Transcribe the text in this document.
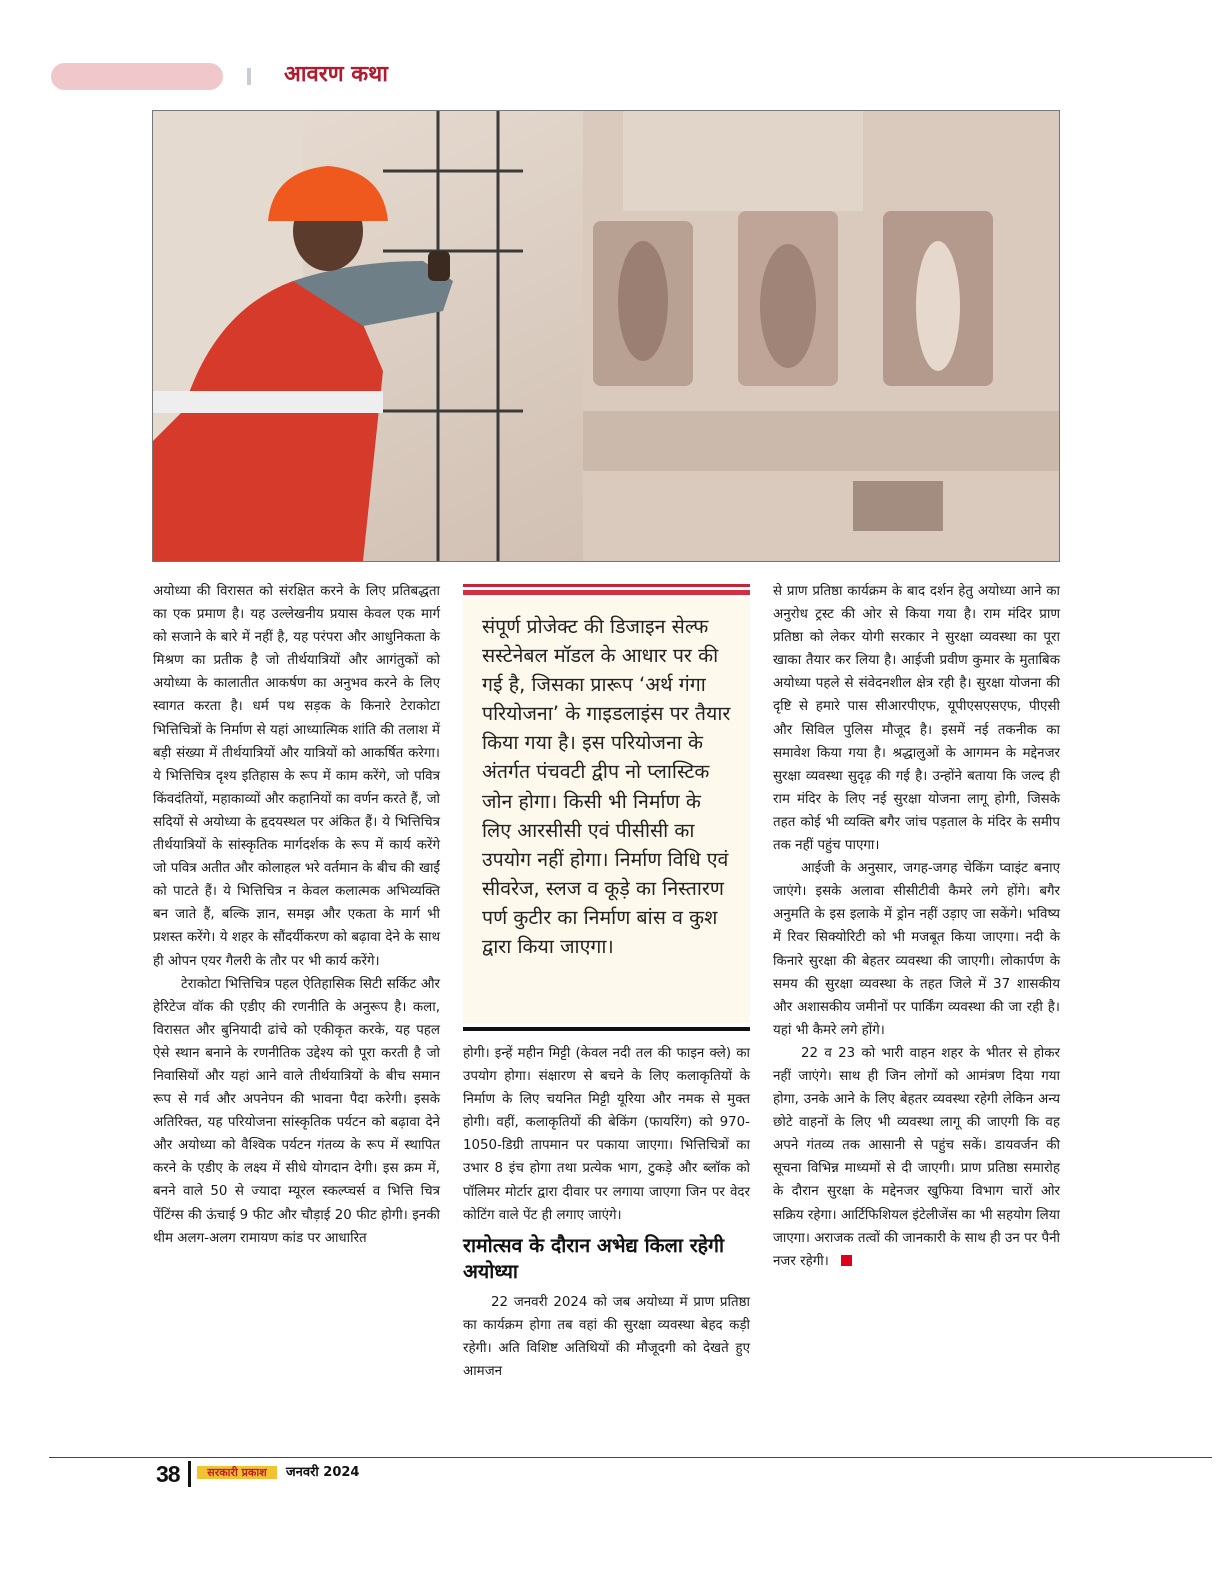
आवरण कथा

अयोध्या की विरासत को संरक्षित करने के लिए प्रतिबद्धता का एक प्रमाण है। यह उल्लेखनीय प्रयास केवल एक मार्ग को सजाने के बारे में नहीं है, यह परंपरा और आधुनिकता के मिश्रण का प्रतीक है जो तीर्थयात्रियों और आगंतुकों को अयोध्या के कालातीत आकर्षण का अनुभव करने के लिए स्वागत करता है। धर्म पथ सड़क के किनारे टेराकोटा भित्तिचित्रों के निर्माण से यहां आध्यात्मिक शांति की तलाश में बड़ी संख्या में तीर्थयात्रियों और यात्रियों को आकर्षित करेगा। ये भित्तिचित्र दृश्य इतिहास के रूप में काम करेंगे, जो पवित्र किंवदंतियों, महाकाव्यों और कहानियों का वर्णन करते हैं, जो सदियों से अयोध्या के हृदयस्थल पर अंकित हैं। ये भित्तिचित्र तीर्थयात्रियों के सांस्कृतिक मार्गदर्शक के रूप में कार्य करेंगे जो पवित्र अतीत और कोलाहल भरे वर्तमान के बीच की खाईं को पाटते हैं। ये भित्तिचित्र न केवल कलात्मक अभिव्यक्ति बन जाते हैं, बल्कि ज्ञान, समझ और एकता के मार्ग भी प्रशस्त करेंगे। ये शहर के सौंदर्यीकरण को बढ़ावा देने के साथ ही ओपन एयर गैलरी के तौर पर भी कार्य करेंगे।

टेराकोटा भित्तिचित्र पहल ऐतिहासिक सिटी सर्किट और हेरिटेज वॉक की एडीए की रणनीति के अनुरूप है। कला, विरासत और बुनियादी ढांचे को एकीकृत करके, यह पहल ऐसे स्थान बनाने के रणनीतिक उद्देश्य को पूरा करती है जो निवासियों और यहां आने वाले तीर्थयात्रियों के बीच समान रूप से गर्व और अपनेपन की भावना पैदा करेगी। इसके अतिरिक्त, यह परियोजना सांस्कृतिक पर्यटन को बढ़ावा देने और अयोध्या को वैश्विक पर्यटन गंतव्य के रूप में स्थापित करने के एडीए के लक्ष्य में सीधे योगदान देगी। इस क्रम में, बनने वाले 50 से ज्यादा म्यूरल स्कल्प्चर्स व भित्ति चित्र पेंटिंग्स की ऊंचाई 9 फीट और चौड़ाई 20 फीट होगी। इनकी थीम अलग-अलग रामायण कांड पर आधारित

संपूर्ण प्रोजेक्ट की डिजाइन सेल्फ सस्टेनेबल मॉडल के आधार पर की गई है, जिसका प्रारूप ‘अर्थ गंगा परियोजना’ के गाइडलाइंस पर तैयार किया गया है। इस परियोजना के अंतर्गत पंचवटी द्वीप नो प्लास्टिक जोन होगा। किसी भी निर्माण के लिए आरसीसी एवं पीसीसी का उपयोग नहीं होगा। निर्माण विधि एवं सीवरेज, स्लज व कूड़े का निस्तारण पर्ण कुटीर का निर्माण बांस व कुश द्वारा किया जाएगा।

होगी। इन्हें महीन मिट्टी (केवल नदी तल की फाइन क्ले) का उपयोग होगा। संक्षारण से बचने के लिए कलाकृतियों के निर्माण के लिए चयनित मिट्टी यूरिया और नमक से मुक्त होगी। वहीं, कलाकृतियों की बेकिंग (फायरिंग) को 970-1050-डिग्री तापमान पर पकाया जाएगा। भित्तिचित्रों का उभार 8 इंच होगा तथा प्रत्येक भाग, टुकड़े और ब्लॉक को पॉलिमर मोर्टार द्वारा दीवार पर लगाया जाएगा जिन पर वेदर कोटिंग वाले पेंट ही लगाए जाएंगे।

रामोत्सव के दौरान अभेद्य किला रहेगी अयोध्या

22 जनवरी 2024 को जब अयोध्या में प्राण प्रतिष्ठा का कार्यक्रम होगा तब वहां की सुरक्षा व्यवस्था बेहद कड़ी रहेगी। अति विशिष्ट अतिथियों की मौजूदगी को देखते हुए आमजन

से प्राण प्रतिष्ठा कार्यक्रम के बाद दर्शन हेतु अयोध्या आने का अनुरोध ट्रस्ट की ओर से किया गया है। राम मंदिर प्राण प्रतिष्ठा को लेकर योगी सरकार ने सुरक्षा व्यवस्था का पूरा खाका तैयार कर लिया है। आईजी प्रवीण कुमार के मुताबिक अयोध्या पहले से संवेदनशील क्षेत्र रही है। सुरक्षा योजना की दृष्टि से हमारे पास सीआरपीएफ, यूपीएसएसएफ, पीएसी और सिविल पुलिस मौजूद है। इसमें नई तकनीक का समावेश किया गया है। श्रद्धालुओं के आगमन के मद्देनजर सुरक्षा व्यवस्था सुदृढ़ की गई है। उन्होंने बताया कि जल्द ही राम मंदिर के लिए नई सुरक्षा योजना लागू होगी, जिसके तहत कोई भी व्यक्ति बगैर जांच पड़ताल के मंदिर के समीप तक नहीं पहुंच पाएगा।

आईजी के अनुसार, जगह-जगह चेकिंग प्वाइंट बनाए जाएंगे। इसके अलावा सीसीटीवी कैमरे लगे होंगे। बगैर अनुमति के इस इलाके में ड्रोन नहीं उड़ाए जा सकेंगे। भविष्य में रिवर सिक्योरिटी को भी मजबूत किया जाएगा। नदी के किनारे सुरक्षा की बेहतर व्यवस्था की जाएगी। लोकार्पण के समय की सुरक्षा व्यवस्था के तहत जिले में 37 शासकीय और अशासकीय जमीनों पर पार्किंग व्यवस्था की जा रही है। यहां भी कैमरे लगे होंगे।

22 व 23 को भारी वाहन शहर के भीतर से होकर नहीं जाएंगे। साथ ही जिन लोगों को आमंत्रण दिया गया होगा, उनके आने के लिए बेहतर व्यवस्था रहेगी लेकिन अन्य छोटे वाहनों के लिए भी व्यवस्था लागू की जाएगी कि वह अपने गंतव्य तक आसानी से पहुंच सकें। डायवर्जन की सूचना विभिन्न माध्यमों से दी जाएगी। प्राण प्रतिष्ठा समारोह के दौरान सुरक्षा के मद्देनजर खुफिया विभाग चारों ओर सक्रिय रहेगा। आर्टिफिशियल इंटेलीजेंस का भी सहयोग लिया जाएगा। अराजक तत्वों की जानकारी के साथ ही उन पर पैनी नजर रहेगी।

38	सरकारी प्रकाश	जनवरी 2024
